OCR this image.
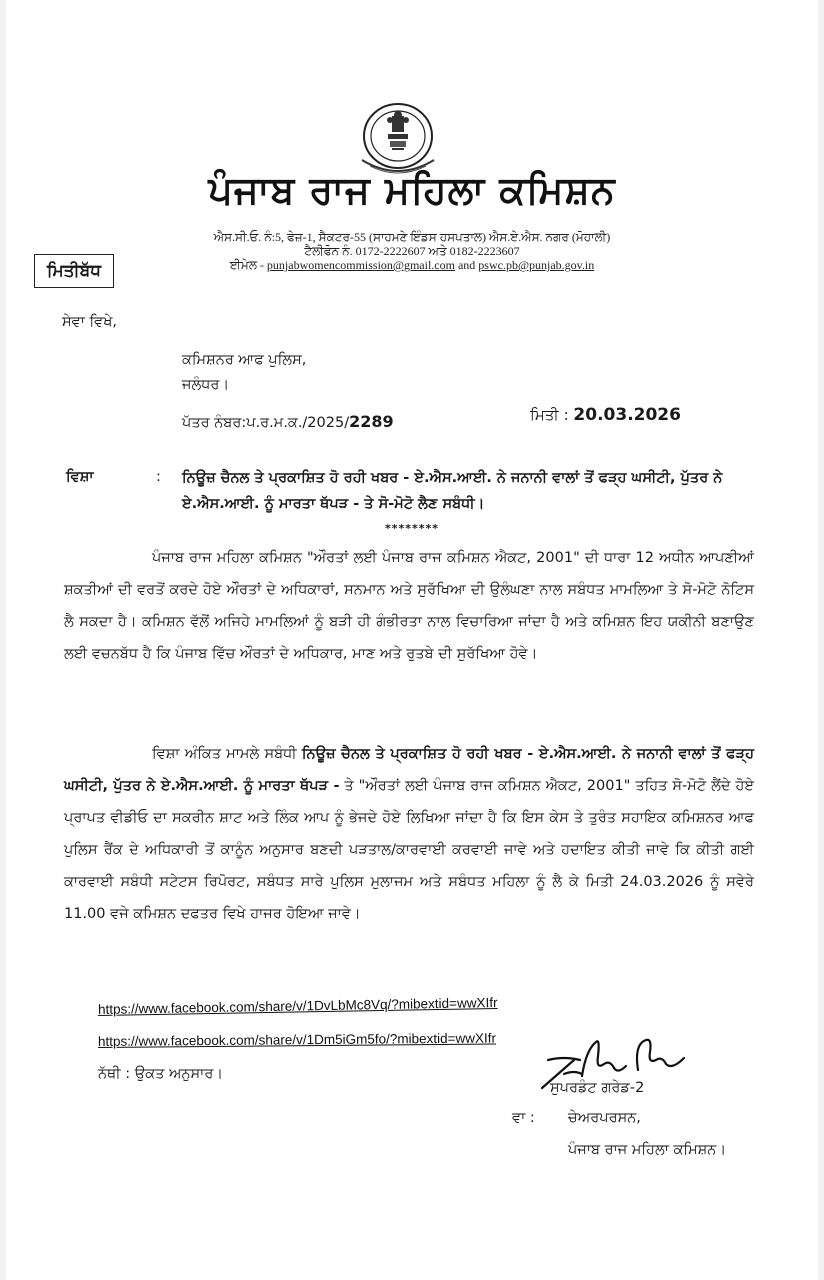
ਪੰਜਾਬ ਰਾਜ ਮਹਿਲਾ ਕਮਿਸ਼ਨ
ਐਸ.ਸੀ.ਓ. ਨੰ:5, ਫੇਜ਼-1, ਸੈਕਟਰ-55 (ਸਾਹਮਣੇ ਇੰਡਸ ਹਸਪਤਾਲ) ਐਸ.ਏ.ਐਸ. ਨਗਰ (ਮੋਹਾਲੀ)
ਟੈਲੀਫੋਨ ਨੰ. 0172-2222607 ਅਤੇ 0182-2223607
ਈਮੇਲ - punjabwomencommission@gmail.com and pswc.pb@punjab.gov.in
ਮਿਤੀਬੱਧ
ਸੇਵਾ ਵਿਖੇ,
ਕਮਿਸ਼ਨਰ ਆਫ ਪੁਲਿਸ,
ਜਲੰਧਰ।
ਪੱਤਰ ਨੰਬਰ:ਪ.ਰ.ਮ.ਕ./2025/2289	ਮਿਤੀ : 20.03.2026
ਵਿਸ਼ਾ	: ਨਿਊਜ਼ ਚੈਨਲ ਤੇ ਪ੍ਰਕਾਸ਼ਿਤ ਹੋ ਰਹੀ ਖਬਰ - ਏ.ਐਸ.ਆਈ. ਨੇ ਜਨਾਨੀ ਵਾਲਾਂ ਤੋਂ ਫੜ੍ਹ ਘਸੀਟੀ, ਪੁੱਤਰ ਨੇ ਏ.ਐਸ.ਆਈ. ਨੂੰ ਮਾਰਤਾ ਥੱਪੜ - ਤੇ ਸੋ-ਮੋਟੋ ਲੈਣ ਸਬੰਧੀ।
********
ਪੰਜਾਬ ਰਾਜ ਮਹਿਲਾ ਕਮਿਸ਼ਨ "ਔਰਤਾਂ ਲਈ ਪੰਜਾਬ ਰਾਜ ਕਮਿਸ਼ਨ ਐਕਟ, 2001" ਦੀ ਧਾਰਾ 12 ਅਧੀਨ ਆਪਣੀਆਂ ਸ਼ਕਤੀਆਂ ਦੀ ਵਰਤੋਂ ਕਰਦੇ ਹੋਏ ਔਰਤਾਂ ਦੇ ਅਧਿਕਾਰਾਂ, ਸਨਮਾਨ ਅਤੇ ਸੁਰੱਖਿਆ ਦੀ ਉਲੰਘਣਾ ਨਾਲ ਸਬੰਧਤ ਮਾਮਲਿਆ ਤੇ ਸੋ-ਮੋਟੋ ਨੋਟਿਸ ਲੈ ਸਕਦਾ ਹੈ। ਕਮਿਸ਼ਨ ਵੱਲੋਂ ਅਜਿਹੇ ਮਾਮਲਿਆਂ ਨੂੰ ਬੜੀ ਹੀ ਗੰਭੀਰਤਾ ਨਾਲ ਵਿਚਾਰਿਆ ਜਾਂਦਾ ਹੈ ਅਤੇ ਕਮਿਸ਼ਨ ਇਹ ਯਕੀਨੀ ਬਣਾਉਣ ਲਈ ਵਚਨਬੱਧ ਹੈ ਕਿ ਪੰਜਾਬ ਵਿੱਚ ਔਰਤਾਂ ਦੇ ਅਧਿਕਾਰ, ਮਾਣ ਅਤੇ ਰੁਤਬੇ ਦੀ ਸੁਰੱਖਿਆ ਹੋਵੇ।
ਵਿਸ਼ਾ ਅੰਕਿਤ ਮਾਮਲੇ ਸਬੰਧੀ ਨਿਊਜ਼ ਚੈਨਲ ਤੇ ਪ੍ਰਕਾਸ਼ਿਤ ਹੋ ਰਹੀ ਖਬਰ - ਏ.ਐਸ.ਆਈ. ਨੇ ਜਨਾਨੀ ਵਾਲਾਂ ਤੋਂ ਫੜ੍ਹ ਘਸੀਟੀ, ਪੁੱਤਰ ਨੇ ਏ.ਐਸ.ਆਈ. ਨੂੰ ਮਾਰਤਾ ਥੱਪੜ - ਤੇ "ਔਰਤਾਂ ਲਈ ਪੰਜਾਬ ਰਾਜ ਕਮਿਸ਼ਨ ਐਕਟ, 2001" ਤਹਿਤ ਸੋ-ਮੋਟੋ ਲੈਂਦੇ ਹੋਏ ਪ੍ਰਾਪਤ ਵੀਡੀਓ ਦਾ ਸਕਰੀਨ ਸ਼ਾਟ ਅਤੇ ਲਿੰਕ ਆਪ ਨੂੰ ਭੇਜਦੇ ਹੋਏ ਲਿਖਿਆ ਜਾਂਦਾ ਹੈ ਕਿ ਇਸ ਕੇਸ ਤੇ ਤੁਰੰਤ ਸਹਾਇਕ ਕਮਿਸ਼ਨਰ ਆਫ ਪੁਲਿਸ ਰੈਂਕ ਦੇ ਅਧਿਕਾਰੀ ਤੋਂ ਕਾਨੂੰਨ ਅਨੁਸਾਰ ਬਣਦੀ ਪੜਤਾਲ/ਕਾਰਵਾਈ ਕਰਵਾਈ ਜਾਵੇ ਅਤੇ ਹਦਾਇਤ ਕੀਤੀ ਜਾਵੇ ਕਿ ਕੀਤੀ ਗਈ ਕਾਰਵਾਈ ਸਬੰਧੀ ਸਟੇਟਸ ਰਿਪੋਰਟ, ਸਬੰਧਤ ਸਾਰੇ ਪੁਲਿਸ ਮੁਲਾਜਮ ਅਤੇ ਸਬੰਧਤ ਮਹਿਲਾ ਨੂੰ ਲੈ ਕੇ ਮਿਤੀ 24.03.2026 ਨੂੰ ਸਵੇਰੇ 11.00 ਵਜੇ ਕਮਿਸ਼ਨ ਦਫਤਰ ਵਿਖੇ ਹਾਜਰ ਹੋਇਆ ਜਾਵੇ।
https://www.facebook.com/share/v/1DvLbMc8Vq/?mibextid=wwXIfr
https://www.facebook.com/share/v/1Dm5iGm5fo/?mibextid=wwXIfr
ਨੱਥੀ : ਉਕਤ ਅਨੁਸਾਰ।
ਸੁਪਰਡੰਟ ਗਰੇਡ-2
ਵਾ : ਚੇਅਰਪਰਸਨ,
ਪੰਜਾਬ ਰਾਜ ਮਹਿਲਾ ਕਮਿਸ਼ਨ।
